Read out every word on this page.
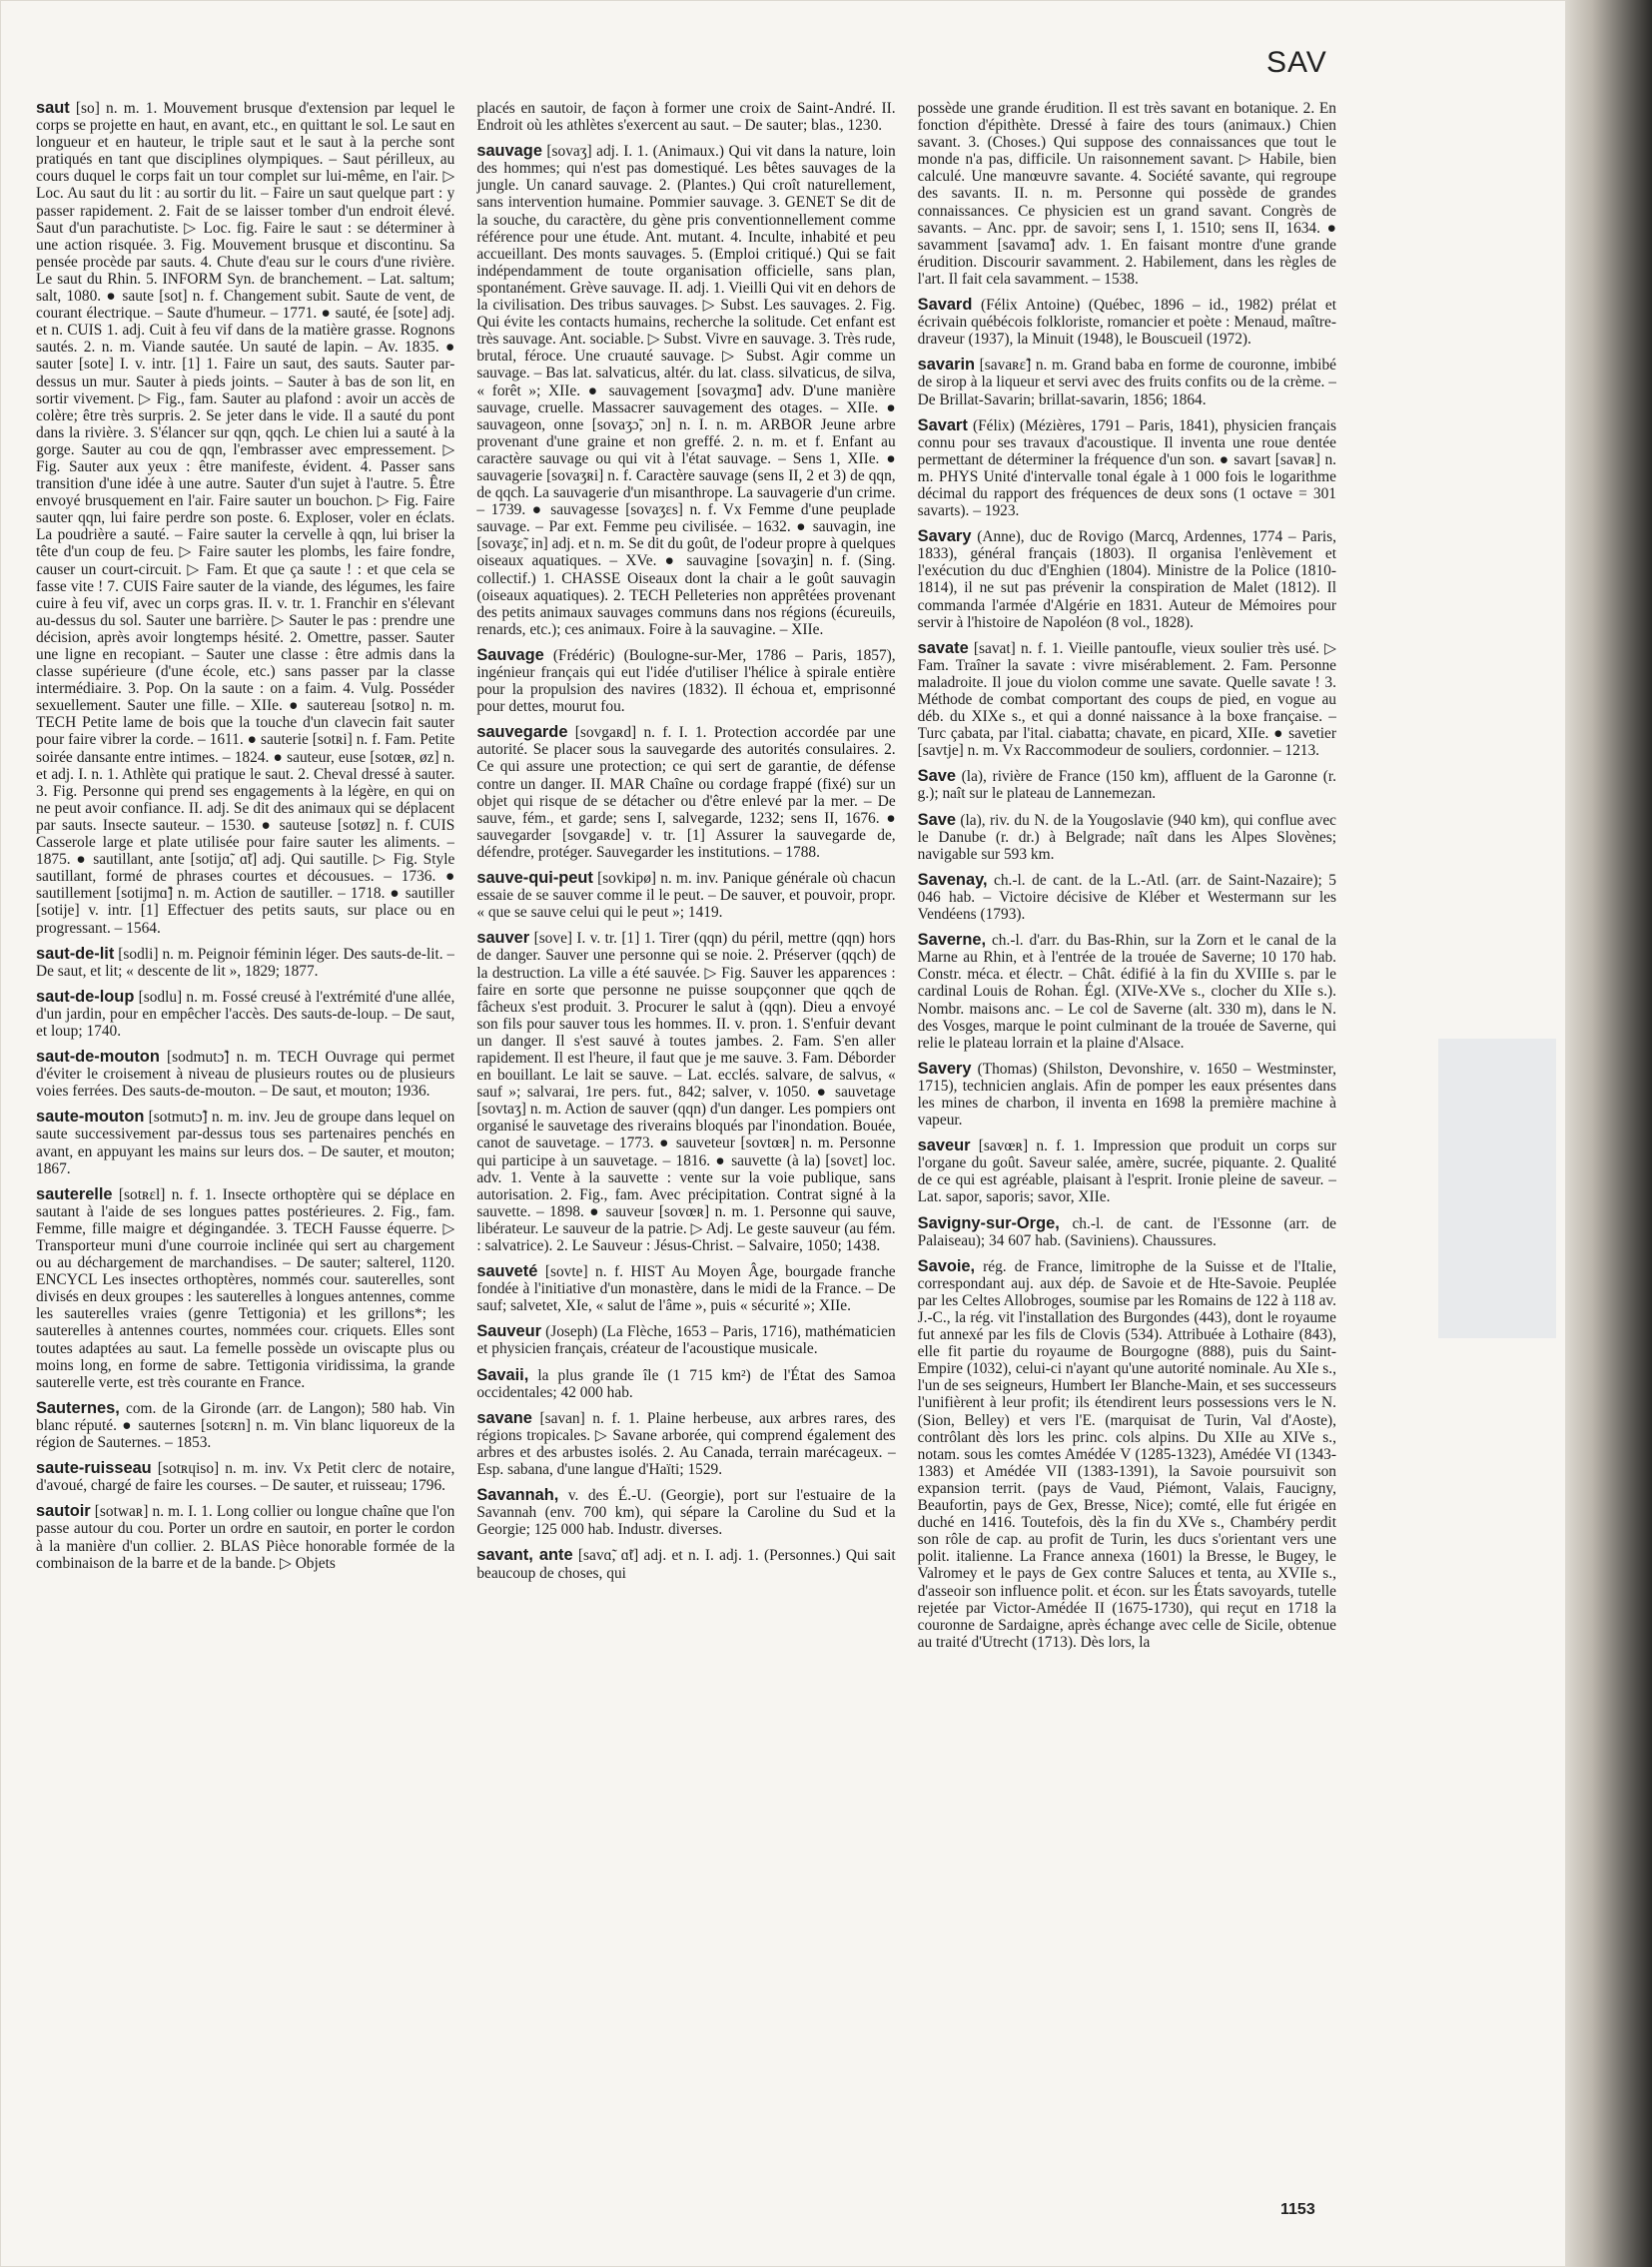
SAV

saut [so] n. m. 1. Mouvement brusque d'extension par lequel le corps se projette en haut, en avant, etc., en quittant le sol. Le saut en longueur et en hauteur, le triple saut et le saut à la perche sont pratiqués en tant que disciplines olympiques. – Saut périlleux, au cours duquel le corps fait un tour complet sur lui-même, en l'air. ▷ Loc. Au saut du lit : au sortir du lit. – Faire un saut quelque part : y passer rapidement. 2. Fait de se laisser tomber d'un endroit élevé. Saut d'un parachutiste. ▷ Loc. fig. Faire le saut : se déterminer à une action risquée. 3. Fig. Mouvement brusque et discontinu. Sa pensée procède par sauts. 4. Chute d'eau sur le cours d'une rivière. Le saut du Rhin. 5. INFORM Syn. de branchement. – Lat. saltum; salt, 1080. ● saute [sot] n. f. Changement subit. Saute de vent, de courant électrique. – Saute d'humeur. – 1771. ● sauté, ée [sote] adj. et n. CUIS 1. adj. Cuit à feu vif dans de la matière grasse. Rognons sautés. 2. n. m. Viande sautée. Un sauté de lapin. – Av. 1835. ● sauter [sote] I. v. intr. [1] 1. Faire un saut, des sauts. Sauter par-dessus un mur. Sauter à pieds joints. – Sauter à bas de son lit, en sortir vivement. ▷ Fig., fam. Sauter au plafond : avoir un accès de colère; être très surpris. 2. Se jeter dans le vide. Il a sauté du pont dans la rivière. 3. S'élancer sur qqn, qqch. Le chien lui a sauté à la gorge. Sauter au cou de qqn, l'embrasser avec empressement. ▷ Fig. Sauter aux yeux : être manifeste, évident. 4. Passer sans transition d'une idée à une autre. Sauter d'un sujet à l'autre. 5. Être envoyé brusquement en l'air. Faire sauter un bouchon. ▷ Fig. Faire sauter qqn, lui faire perdre son poste. 6. Exploser, voler en éclats. La poudrière a sauté. – Faire sauter la cervelle à qqn, lui briser la tête d'un coup de feu. ▷ Faire sauter les plombs, les faire fondre, causer un court-circuit. ▷ Fam. Et que ça saute ! : et que cela se fasse vite ! 7. CUIS Faire sauter de la viande, des légumes, les faire cuire à feu vif, avec un corps gras. II. v. tr. 1. Franchir en s'élevant au-dessus du sol. Sauter une barrière. ▷ Sauter le pas : prendre une décision, après avoir longtemps hésité. 2. Omettre, passer. Sauter une ligne en recopiant. – Sauter une classe : être admis dans la classe supérieure (d'une école, etc.) sans passer par la classe intermédiaire. 3. Pop. On la saute : on a faim. 4. Vulg. Posséder sexuellement. Sauter une fille. – XIIe. ● sautereau [sotʀo] n. m. TECH Petite lame de bois que la touche d'un clavecin fait sauter pour faire vibrer la corde. – 1611. ● sauterie [sotʀi] n. f. Fam. Petite soirée dansante entre intimes. – 1824. ● sauteur, euse [sotœʀ, øz] n. et adj. I. n. 1. Athlète qui pratique le saut. 2. Cheval dressé à sauter. 3. Fig. Personne qui prend ses engagements à la légère, en qui on ne peut avoir confiance. II. adj. Se dit des animaux qui se déplacent par sauts. Insecte sauteur. – 1530. ● sauteuse [sotøz] n. f. CUIS Casserole large et plate utilisée pour faire sauter les aliments. – 1875. ● sautillant, ante [sotijɑ̃, ɑ̃t] adj. Qui sautille. ▷ Fig. Style sautillant, formé de phrases courtes et décousues. – 1736. ● sautillement [sotijmɑ̃] n. m. Action de sautiller. – 1718. ● sautiller [sotije] v. intr. [1] Effectuer des petits sauts, sur place ou en progressant. – 1564.

saut-de-lit [sodli] n. m. Peignoir féminin léger. Des sauts-de-lit. – De saut, et lit; « descente de lit », 1829; 1877.

saut-de-loup [sodlu] n. m. Fossé creusé à l'extrémité d'une allée, d'un jardin, pour en empêcher l'accès. Des sauts-de-loup. – De saut, et loup; 1740.

saut-de-mouton [sodmutɔ̃] n. m. TECH Ouvrage qui permet d'éviter le croisement à niveau de plusieurs routes ou de plusieurs voies ferrées. Des sauts-de-mouton. – De saut, et mouton; 1936.

saute-mouton [sotmutɔ̃] n. m. inv. Jeu de groupe dans lequel on saute successivement par-dessus tous ses partenaires penchés en avant, en appuyant les mains sur leurs dos. – De sauter, et mouton; 1867.

sauterelle [sotʀɛl] n. f. 1. Insecte orthoptère qui se déplace en sautant à l'aide de ses longues pattes postérieures. 2. Fig., fam. Femme, fille maigre et dégingandée. 3. TECH Fausse équerre. ▷ Transporteur muni d'une courroie inclinée qui sert au chargement ou au déchargement de marchandises. – De sauter; salterel, 1120. ENCYCL Les insectes orthoptères, nommés cour. sauterelles, sont divisés en deux groupes : les sauterelles à longues antennes, comme les sauterelles vraies (genre Tettigonia) et les grillons*; les sauterelles à antennes courtes, nommées cour. criquets. Elles sont toutes adaptées au saut. La femelle possède un oviscapte plus ou moins long, en forme de sabre. Tettigonia viridissima, la grande sauterelle verte, est très courante en France.

Sauternes, com. de la Gironde (arr. de Langon); 580 hab. Vin blanc réputé. ● sauternes [sotɛʀn] n. m. Vin blanc liquoreux de la région de Sauternes. – 1853.

saute-ruisseau [sotʀɥiso] n. m. inv. Vx Petit clerc de notaire, d'avoué, chargé de faire les courses. – De sauter, et ruisseau; 1796.

sautoir [sotwaʀ] n. m. I. 1. Long collier ou longue chaîne que l'on passe autour du cou. Porter un ordre en sautoir, en porter le cordon à la manière d'un collier. 2. BLAS Pièce honorable formée de la combinaison de la barre et de la bande. ▷ Objets

placés en sautoir, de façon à former une croix de Saint-André. II. Endroit où les athlètes s'exercent au saut. – De sauter; blas., 1230.

sauvage [sovaʒ] adj. I. 1. (Animaux.) Qui vit dans la nature, loin des hommes; qui n'est pas domestiqué. Les bêtes sauvages de la jungle. Un canard sauvage. 2. (Plantes.) Qui croît naturellement, sans intervention humaine. Pommier sauvage. 3. GENET Se dit de la souche, du caractère, du gène pris conventionnellement comme référence pour une étude. Ant. mutant. 4. Inculte, inhabité et peu accueillant. Des monts sauvages. 5. (Emploi critiqué.) Qui se fait indépendamment de toute organisation officielle, sans plan, spontanément. Grève sauvage. II. adj. 1. Vieilli Qui vit en dehors de la civilisation. Des tribus sauvages. ▷ Subst. Les sauvages. 2. Fig. Qui évite les contacts humains, recherche la solitude. Cet enfant est très sauvage. Ant. sociable. ▷ Subst. Vivre en sauvage. 3. Très rude, brutal, féroce. Une cruauté sauvage. ▷ Subst. Agir comme un sauvage. – Bas lat. salvaticus, altér. du lat. class. silvaticus, de silva, « forêt »; XIIe. ● sauvagement [sovaʒmɑ̃] adv. D'une manière sauvage, cruelle. Massacrer sauvagement des otages. – XIIe. ● sauvageon, onne [sovaʒɔ̃, ɔn] n. I. n. m. ARBOR Jeune arbre provenant d'une graine et non greffé. 2. n. m. et f. Enfant au caractère sauvage ou qui vit à l'état sauvage. – Sens 1, XIIe. ● sauvagerie [sovaʒʀi] n. f. Caractère sauvage (sens II, 2 et 3) de qqn, de qqch. La sauvagerie d'un misanthrope. La sauvagerie d'un crime. – 1739. ● sauvagesse [sovaʒɛs] n. f. Vx Femme d'une peuplade sauvage. – Par ext. Femme peu civilisée. – 1632. ● sauvagin, ine [sovaʒɛ̃, in] adj. et n. m. Se dit du goût, de l'odeur propre à quelques oiseaux aquatiques. – XVe. ● sauvagine [sovaʒin] n. f. (Sing. collectif.) 1. CHASSE Oiseaux dont la chair a le goût sauvagin (oiseaux aquatiques). 2. TECH Pelleteries non apprêtées provenant des petits animaux sauvages communs dans nos régions (écureuils, renards, etc.); ces animaux. Foire à la sauvagine. – XIIe.

Sauvage (Frédéric) (Boulogne-sur-Mer, 1786 – Paris, 1857), ingénieur français qui eut l'idée d'utiliser l'hélice à spirale entière pour la propulsion des navires (1832). Il échoua et, emprisonné pour dettes, mourut fou.

sauvegarde [sovgaʀd] n. f. I. 1. Protection accordée par une autorité. Se placer sous la sauvegarde des autorités consulaires. 2. Ce qui assure une protection; ce qui sert de garantie, de défense contre un danger. II. MAR Chaîne ou cordage frappé (fixé) sur un objet qui risque de se détacher ou d'être enlevé par la mer. – De sauve, fém., et garde; sens I, salvegarde, 1232; sens II, 1676. ● sauvegarder [sovgaʀde] v. tr. [1] Assurer la sauvegarde de, défendre, protéger. Sauvegarder les institutions. – 1788.

sauve-qui-peut [sovkipø] n. m. inv. Panique générale où chacun essaie de se sauver comme il le peut. – De sauver, et pouvoir, propr. « que se sauve celui qui le peut »; 1419.

sauver [sove] I. v. tr. [1] 1. Tirer (qqn) du péril, mettre (qqn) hors de danger. Sauver une personne qui se noie. 2. Préserver (qqch) de la destruction. La ville a été sauvée. ▷ Fig. Sauver les apparences : faire en sorte que personne ne puisse soupçonner que qqch de fâcheux s'est produit. 3. Procurer le salut à (qqn). Dieu a envoyé son fils pour sauver tous les hommes. II. v. pron. 1. S'enfuir devant un danger. Il s'est sauvé à toutes jambes. 2. Fam. S'en aller rapidement. Il est l'heure, il faut que je me sauve. 3. Fam. Déborder en bouillant. Le lait se sauve. – Lat. ecclés. salvare, de salvus, « sauf »; salvarai, 1re pers. fut., 842; salver, v. 1050. ● sauvetage [sovtaʒ] n. m. Action de sauver (qqn) d'un danger. Les pompiers ont organisé le sauvetage des riverains bloqués par l'inondation. Bouée, canot de sauvetage. – 1773. ● sauveteur [sovtœʀ] n. m. Personne qui participe à un sauvetage. – 1816. ● sauvette (à la) [sovɛt] loc. adv. 1. Vente à la sauvette : vente sur la voie publique, sans autorisation. 2. Fig., fam. Avec précipitation. Contrat signé à la sauvette. – 1898. ● sauveur [sovœʀ] n. m. 1. Personne qui sauve, libérateur. Le sauveur de la patrie. ▷ Adj. Le geste sauveur (au fém. : salvatrice). 2. Le Sauveur : Jésus-Christ. – Salvaire, 1050; 1438.

sauveté [sovte] n. f. HIST Au Moyen Âge, bourgade franche fondée à l'initiative d'un monastère, dans le midi de la France. – De sauf; salvetet, XIe, « salut de l'âme », puis « sécurité »; XIIe.

Sauveur (Joseph) (La Flèche, 1653 – Paris, 1716), mathématicien et physicien français, créateur de l'acoustique musicale.

Savaii, la plus grande île (1 715 km²) de l'État des Samoa occidentales; 42 000 hab.

savane [savan] n. f. 1. Plaine herbeuse, aux arbres rares, des régions tropicales. ▷ Savane arborée, qui comprend également des arbres et des arbustes isolés. 2. Au Canada, terrain marécageux. – Esp. sabana, d'une langue d'Haïti; 1529.

Savannah, v. des É.-U. (Georgie), port sur l'estuaire de la Savannah (env. 700 km), qui sépare la Caroline du Sud et la Georgie; 125 000 hab. Industr. diverses.

savant, ante [savɑ̃, ɑ̃t] adj. et n. I. adj. 1. (Personnes.) Qui sait beaucoup de choses, qui

possède une grande érudition. Il est très savant en botanique. 2. En fonction d'épithète. Dressé à faire des tours (animaux.) Chien savant. 3. (Choses.) Qui suppose des connaissances que tout le monde n'a pas, difficile. Un raisonnement savant. ▷ Habile, bien calculé. Une manœuvre savante. 4. Société savante, qui regroupe des savants. II. n. m. Personne qui possède de grandes connaissances. Ce physicien est un grand savant. Congrès de savants. – Anc. ppr. de savoir; sens I, 1. 1510; sens II, 1634. ● savamment [savamɑ̃] adv. 1. En faisant montre d'une grande érudition. Discourir savamment. 2. Habilement, dans les règles de l'art. Il fait cela savamment. – 1538.

Savard (Félix Antoine) (Québec, 1896 – id., 1982) prélat et écrivain québécois folkloriste, romancier et poète : Menaud, maître-draveur (1937), la Minuit (1948), le Bouscueil (1972).

savarin [savaʀɛ̃] n. m. Grand baba en forme de couronne, imbibé de sirop à la liqueur et servi avec des fruits confits ou de la crème. – De Brillat-Savarin; brillat-savarin, 1856; 1864.

Savart (Félix) (Mézières, 1791 – Paris, 1841), physicien français connu pour ses travaux d'acoustique. Il inventa une roue dentée permettant de déterminer la fréquence d'un son. ● savart [savaʀ] n. m. PHYS Unité d'intervalle tonal égale à 1 000 fois le logarithme décimal du rapport des fréquences de deux sons (1 octave = 301 savarts). – 1923.

Savary (Anne), duc de Rovigo (Marcq, Ardennes, 1774 – Paris, 1833), général français (1803). Il organisa l'enlèvement et l'exécution du duc d'Enghien (1804). Ministre de la Police (1810-1814), il ne sut pas prévenir la conspiration de Malet (1812). Il commanda l'armée d'Algérie en 1831. Auteur de Mémoires pour servir à l'histoire de Napoléon (8 vol., 1828).

savate [savat] n. f. 1. Vieille pantoufle, vieux soulier très usé. ▷ Fam. Traîner la savate : vivre misérablement. 2. Fam. Personne maladroite. Il joue du violon comme une savate. Quelle savate ! 3. Méthode de combat comportant des coups de pied, en vogue au déb. du XIXe s., et qui a donné naissance à la boxe française. – Turc çabata, par l'ital. ciabatta; chavate, en picard, XIIe. ● savetier [savtje] n. m. Vx Raccommodeur de souliers, cordonnier. – 1213.

Save (la), rivière de France (150 km), affluent de la Garonne (r. g.); naît sur le plateau de Lannemezan.

Save (la), riv. du N. de la Yougoslavie (940 km), qui conflue avec le Danube (r. dr.) à Belgrade; naît dans les Alpes Slovènes; navigable sur 593 km.

Savenay, ch.-l. de cant. de la L.-Atl. (arr. de Saint-Nazaire); 5 046 hab. – Victoire décisive de Kléber et Westermann sur les Vendéens (1793).

Saverne, ch.-l. d'arr. du Bas-Rhin, sur la Zorn et le canal de la Marne au Rhin, et à l'entrée de la trouée de Saverne; 10 170 hab. Constr. méca. et électr. – Chât. édifié à la fin du XVIIIe s. par le cardinal Louis de Rohan. Égl. (XIVe-XVe s., clocher du XIIe s.). Nombr. maisons anc. – Le col de Saverne (alt. 330 m), dans le N. des Vosges, marque le point culminant de la trouée de Saverne, qui relie le plateau lorrain et la plaine d'Alsace.

Savery (Thomas) (Shilston, Devonshire, v. 1650 – Westminster, 1715), technicien anglais. Afin de pomper les eaux présentes dans les mines de charbon, il inventa en 1698 la première machine à vapeur.

saveur [savœʀ] n. f. 1. Impression que produit un corps sur l'organe du goût. Saveur salée, amère, sucrée, piquante. 2. Qualité de ce qui est agréable, plaisant à l'esprit. Ironie pleine de saveur. – Lat. sapor, saporis; savor, XIIe.

Savigny-sur-Orge, ch.-l. de cant. de l'Essonne (arr. de Palaiseau); 34 607 hab. (Saviniens). Chaussures.

Savoie, rég. de France, limitrophe de la Suisse et de l'Italie, correspondant auj. aux dép. de Savoie et de Hte-Savoie. Peuplée par les Celtes Allobroges, soumise par les Romains de 122 à 118 av. J.-C., la rég. vit l'installation des Burgondes (443), dont le royaume fut annexé par les fils de Clovis (534). Attribuée à Lothaire (843), elle fit partie du royaume de Bourgogne (888), puis du Saint-Empire (1032), celui-ci n'ayant qu'une autorité nominale. Au XIe s., l'un de ses seigneurs, Humbert Ier Blanche-Main, et ses successeurs l'unifièrent à leur profit; ils étendirent leurs possessions vers le N. (Sion, Belley) et vers l'E. (marquisat de Turin, Val d'Aoste), contrôlant dès lors les princ. cols alpins. Du XIIe au XIVe s., notam. sous les comtes Amédée V (1285-1323), Amédée VI (1343-1383) et Amédée VII (1383-1391), la Savoie poursuivit son expansion territ. (pays de Vaud, Piémont, Valais, Faucigny, Beaufortin, pays de Gex, Bresse, Nice); comté, elle fut érigée en duché en 1416. Toutefois, dès la fin du XVe s., Chambéry perdit son rôle de cap. au profit de Turin, les ducs s'orientant vers une polit. italienne. La France annexa (1601) la Bresse, le Bugey, le Valromey et le pays de Gex contre Saluces et tenta, au XVIIe s., d'asseoir son influence polit. et écon. sur les États savoyards, tutelle rejetée par Victor-Amédée II (1675-1730), qui reçut en 1718 la couronne de Sardaigne, après échange avec celle de Sicile, obtenue au traité d'Utrecht (1713). Dès lors, la

1153
